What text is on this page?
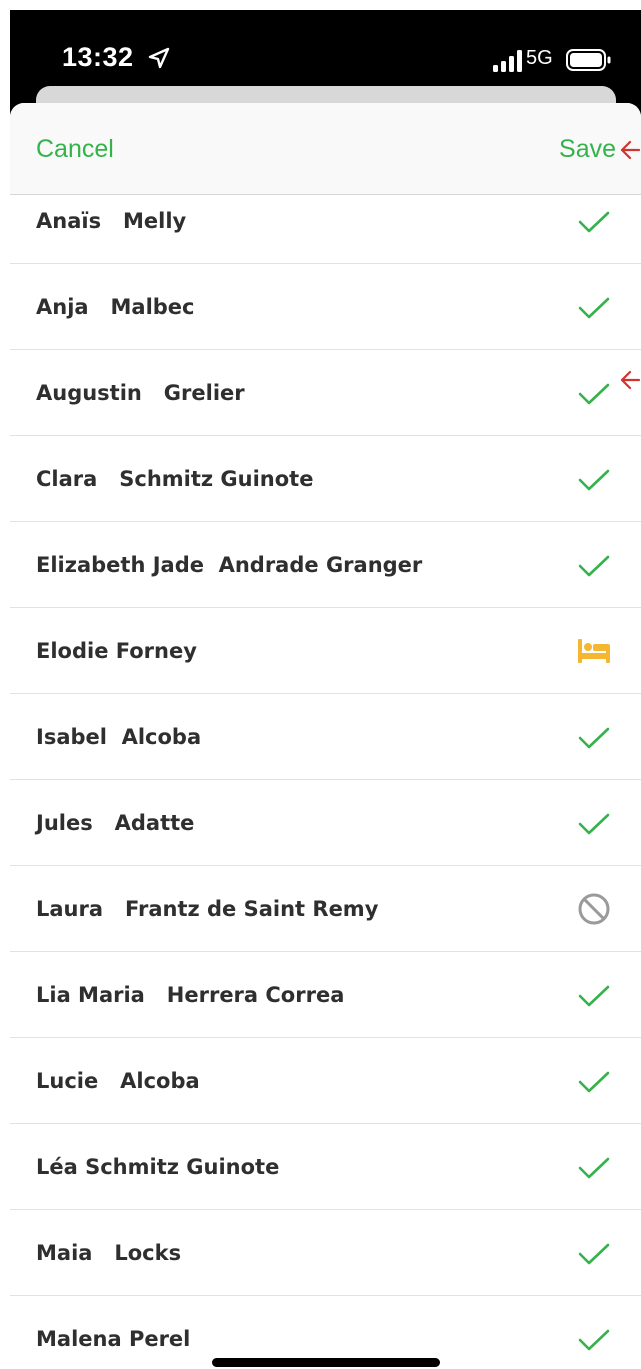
13:32	5G
Cancel	Save
Anaïs   Melly
Anja   Malbec
Augustin   Grelier
Clara   Schmitz Guinote
Elizabeth Jade  Andrade Granger
Elodie Forney
Isabel  Alcoba
Jules   Adatte
Laura   Frantz de Saint Remy
Lia Maria   Herrera Correa
Lucie   Alcoba
Léa Schmitz Guinote
Maia   Locks
Malena Perel
